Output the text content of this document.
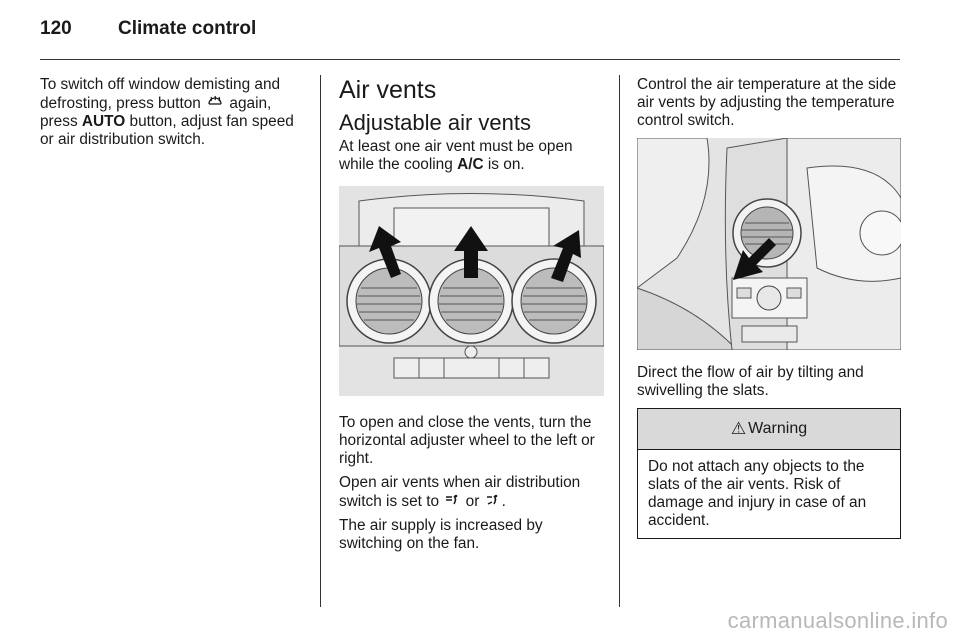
120 Climate control

To switch off window demisting and defrosting, press button  again, press AUTO button, adjust fan speed or air distribution switch.

Air vents
Adjustable air vents

At least one air vent must be open while the cooling A/C is on.

To open and close the vents, turn the horizontal adjuster wheel to the left or right.

Open air vents when air distribution switch is set to  or .

The air supply is increased by switching on the fan.

Control the air temperature at the side air vents by adjusting the temperature control switch.

Direct the flow of air by tilting and swivelling the slats.

⚠ Warning
Do not attach any objects to the slats of the air vents. Risk of damage and injury in case of an accident.
carmanualsonline.info
